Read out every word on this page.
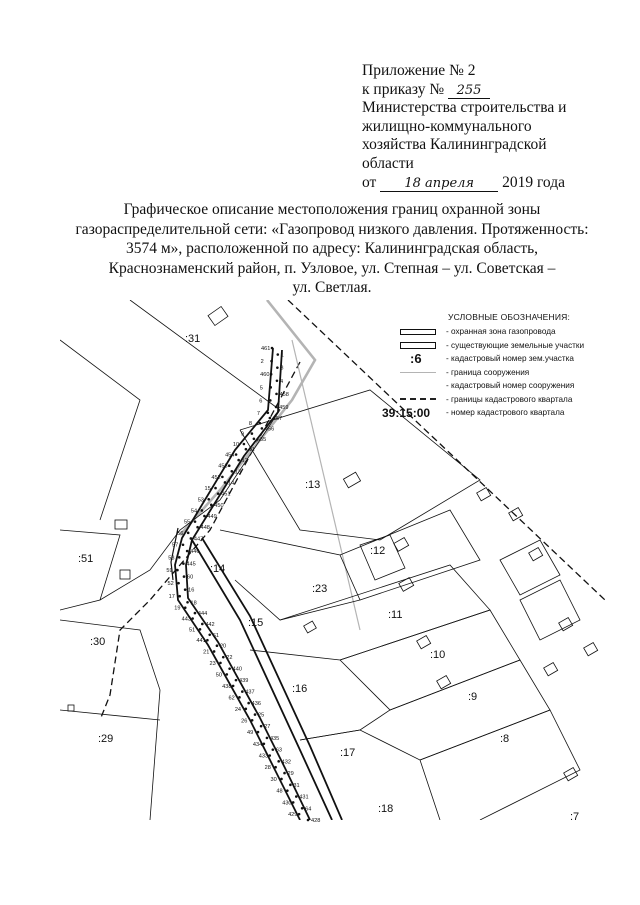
Приложение № 2
к приказу № 255
Министерства строительства и
жилищно-коммунального
хозяйства Калининградской
области
от 18 апреля 2019 года
Графическое описание местоположения границ охранной зоны
газораспределительной сети: «Газопровод низкого давления. Протяженность:
3574 м», расположенной по адресу: Калининградская область,
Краснознаменский район, п. Узловое, ул. Степная – ул. Советская –
ул. Светлая.
:31
:13
:12
:14
:51
:23
:11
:15
:10
:30
:16
:9
:8
:29
:17
:18
:7
461
1
2
3
460
4
5
458
6
459
7
457
8
456
9
455
10
11
454
12
453
13
452
14
15
451
53
450
54
449
55
448
56
447
57
446
58
445
59
60
52
16
17
18
19
444
443
442
51
61
441
20
21
22
23
440
50
439
438
437
62
436
24
25
26
27
49
435
434
63
433
432
28
29
30
31
48
431
430
64
429
428
УСЛОВНЫЕ ОБОЗНАЧЕНИЯ:
- охранная зона газопровода
- существующие земельные участки
:6	- кадастровый номер зем.участка
- граница сооружения
- кадастровый номер сооружения
- границы кадастрового квартала
39:15:00 - номер кадастрового квартала
